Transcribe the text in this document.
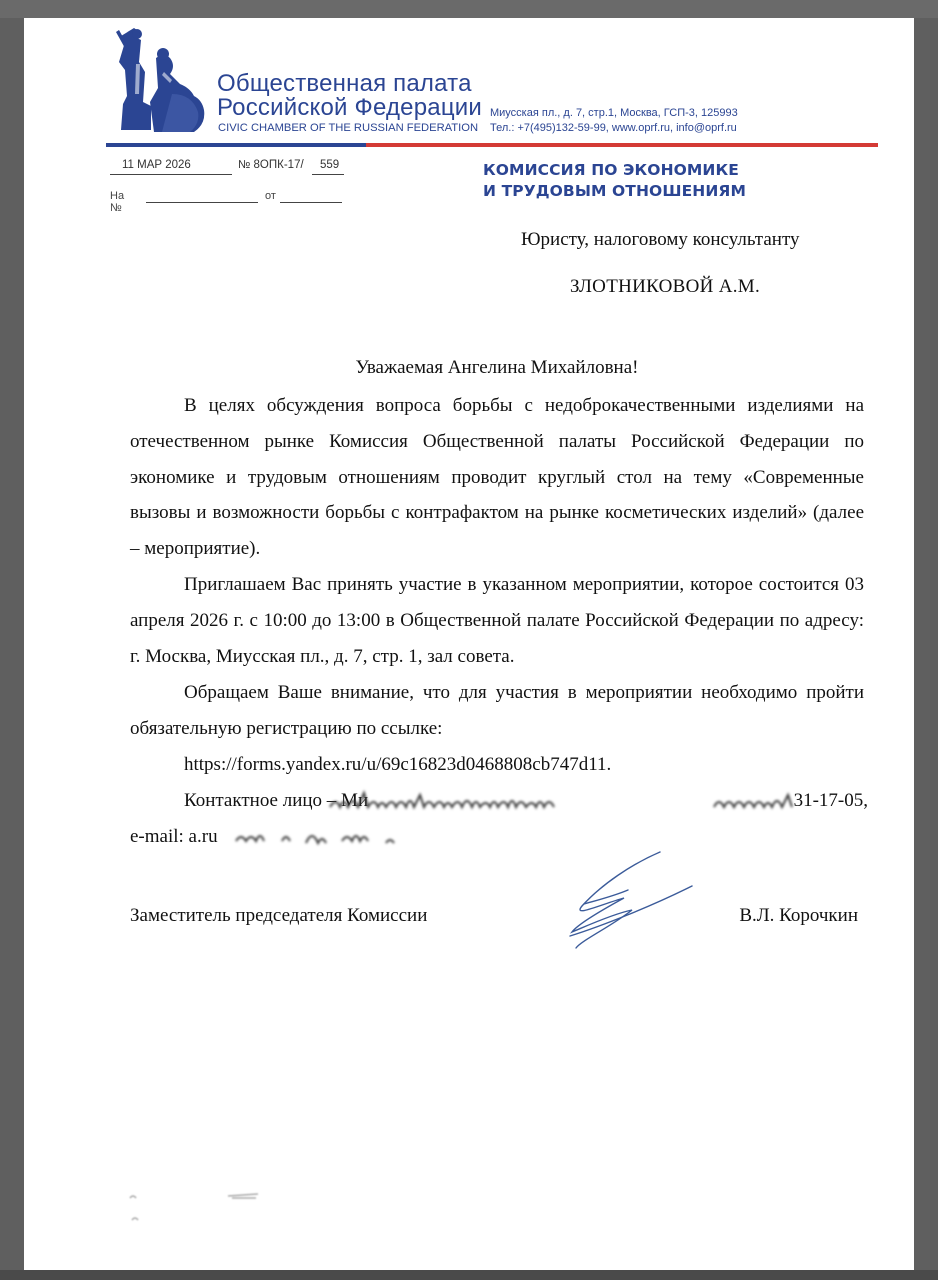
Общественная палата
Российской Федерации
CIVIC CHAMBER OF THE RUSSIAN FEDERATION
Миусская пл., д. 7, стр.1, Москва, ГСП-3, 125993
Тел.: +7(495)132-59-99, www.oprf.ru, info@oprf.ru
11 МАР 2026	№ 8ОПК-17/ 559
На №
от
КОМИССИЯ ПО ЭКОНОМИКЕ
И ТРУДОВЫМ ОТНОШЕНИЯМ
Юристу, налоговому консультанту
ЗЛОТНИКОВОЙ А.М.
Уважаемая Ангелина Михайловна!

В целях обсуждения вопроса борьбы с недоброкачественными изделиями на отечественном рынке Комиссия Общественной палаты Российской Федерации по экономике и трудовым отношениям проводит круглый стол на тему «Современные вызовы и возможности борьбы с контрафактом на рынке косметических изделий» (далее – мероприятие).

Приглашаем Вас принять участие в указанном мероприятии, которое состоится 03 апреля 2026 г. с 10:00 до 13:00 в Общественной палате Российской Федерации по адресу: г. Москва, Миусская пл., д. 7, стр. 1, зал совета.

Обращаем Ваше внимание, что для участия в мероприятии необходимо пройти обязательную регистрацию по ссылке:

https://forms.yandex.ru/u/69c16823d0468808cb747d11.
Контактное лицо – Ми	31-17-05,
e-mail: a.ru
Заместитель председателя Комиссии	В.Л. Корочкин
